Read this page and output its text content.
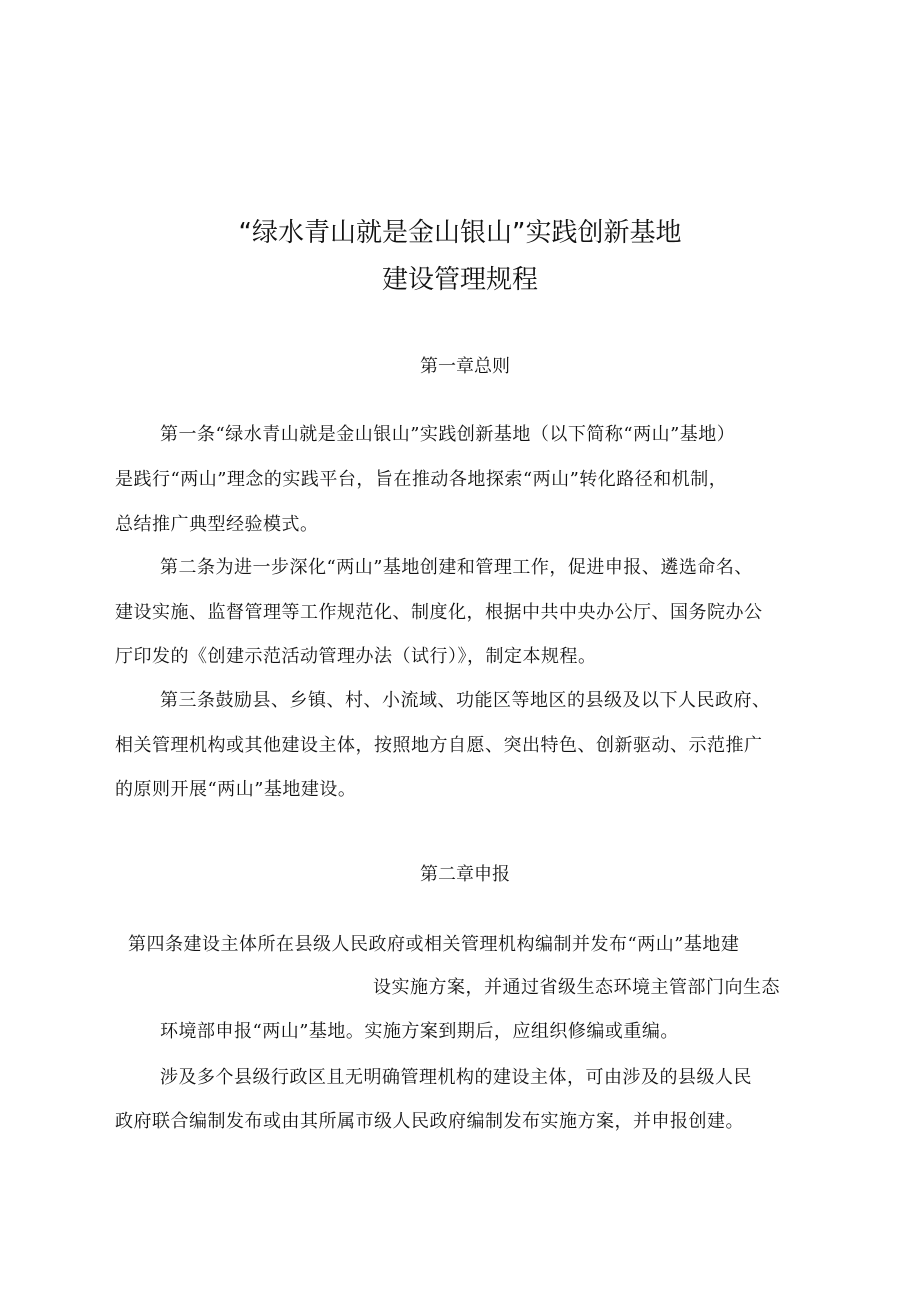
“绿水青山就是金山银山”实践创新基地
建设管理规程
第一章总则
第一条“绿水青山就是金山银山”实践创新基地（以下简称“两山”基地）
是践行“两山”理念的实践平台，旨在推动各地探索“两山”转化路径和机制，
总结推广典型经验模式。
第二条为进一步深化“两山”基地创建和管理工作，促进申报、遴选命名、
建设实施、监督管理等工作规范化、制度化，根据中共中央办公厅、国务院办公
厅印发的《创建示范活动管理办法（试行）》，制定本规程。
第三条鼓励县、乡镇、村、小流域、功能区等地区的县级及以下人民政府、
相关管理机构或其他建设主体，按照地方自愿、突出特色、创新驱动、示范推广
的原则开展“两山”基地建设。
第二章申报
第四条建设主体所在县级人民政府或相关管理机构编制并发布“两山”基地建
设实施方案，并通过省级生态环境主管部门向生态
环境部申报“两山”基地。实施方案到期后，应组织修编或重编。
涉及多个县级行政区且无明确管理机构的建设主体，可由涉及的县级人民
政府联合编制发布或由其所属市级人民政府编制发布实施方案，并申报创建。
